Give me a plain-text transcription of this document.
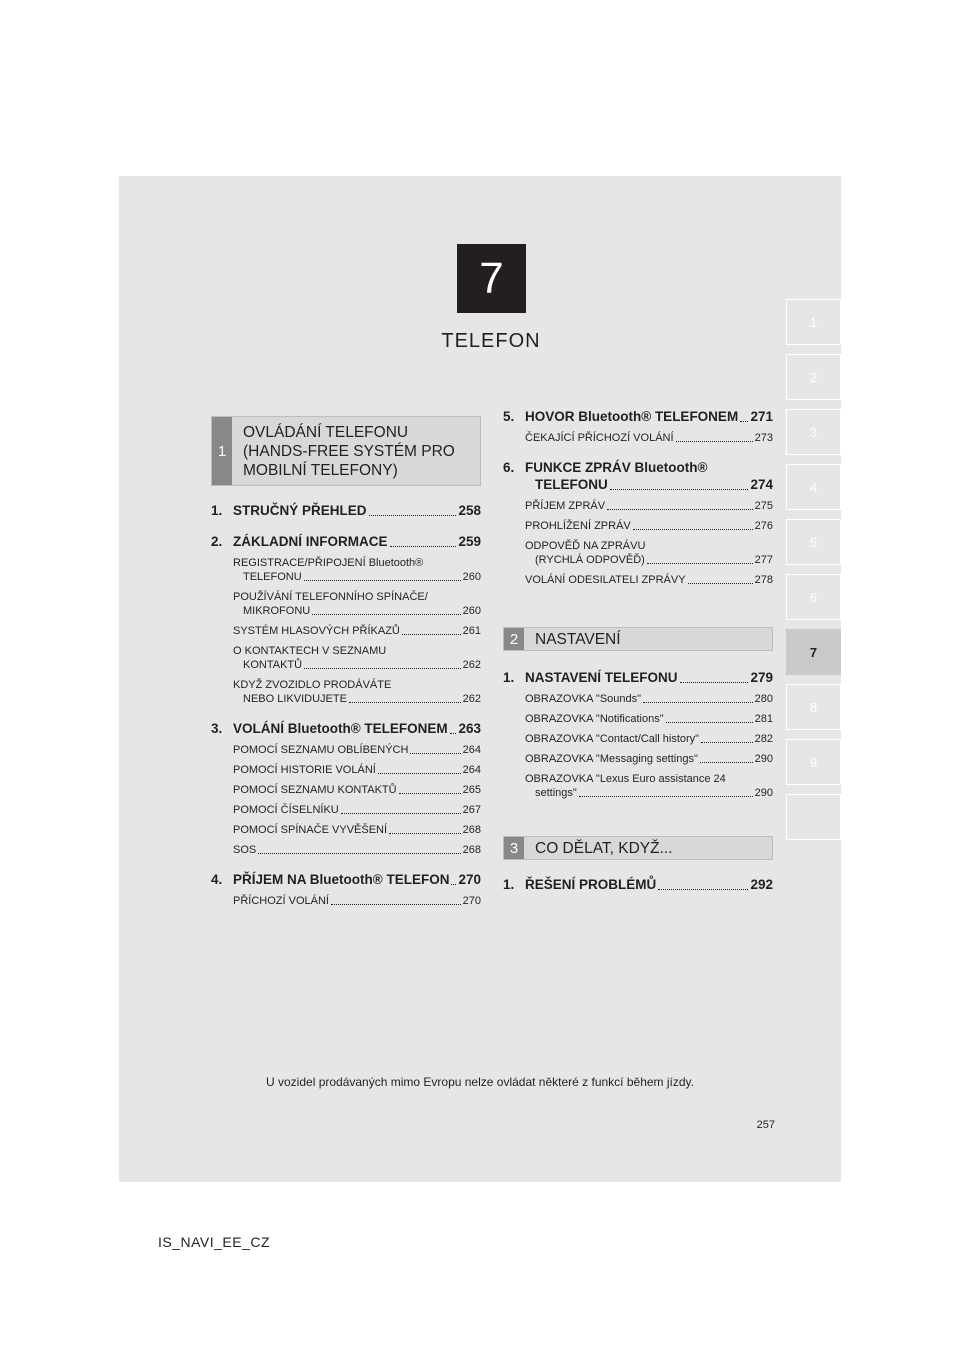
7
TELEFON
1
2
3
4
5
6
7
8
9
1
OVLÁDÁNÍ TELEFONU (HANDS-FREE SYSTÉM PRO MOBILNÍ TELEFONY)
1. STRUČNÝ PŘEHLED	258
2. ZÁKLADNÍ INFORMACE	259
REGISTRACE/PŘIPOJENÍ Bluetooth®
TELEFONU	260
POUŽÍVÁNÍ TELEFONNÍHO SPÍNAČE/
MIKROFONU	260
SYSTÉM HLASOVÝCH PŘÍKAZŮ	261
O KONTAKTECH V SEZNAMU
KONTAKTŮ	262
KDYŽ ZVOZIDLO PRODÁVÁTE
NEBO LIKVIDUJETE	262
3. VOLÁNÍ Bluetooth® TELEFONEM 263
POMOCÍ SEZNAMU OBLÍBENÝCH	264
POMOCÍ HISTORIE VOLÁNÍ	264
POMOCÍ SEZNAMU KONTAKTŮ	265
POMOCÍ ČÍSELNÍKU	267
POMOCÍ SPÍNAČE VYVĚŠENÍ	268
SOS	268
4. PŘÍJEM NA Bluetooth® TELEFON 270
PŘÍCHOZÍ VOLÁNÍ	270
5. HOVOR Bluetooth® TELEFONEM 271
ČEKAJÍCÍ PŘÍCHOZÍ VOLÁNÍ	273
6. FUNKCE ZPRÁV Bluetooth®
TELEFONU	274
PŘÍJEM ZPRÁV	275
PROHLÍŽENÍ ZPRÁV	276
ODPOVĚĎ NA ZPRÁVU
(RYCHLÁ ODPOVĚĎ)	277
VOLÁNÍ ODESILATELI ZPRÁVY	278
2	NASTAVENÍ
1. NASTAVENÍ TELEFONU	279
OBRAZOVKA "Sounds"	280
OBRAZOVKA "Notifications"	281
OBRAZOVKA "Contact/Call history"	282
OBRAZOVKA "Messaging settings"	290
OBRAZOVKA "Lexus Euro assistance 24
settings"	290
3	CO DĚLAT, KDYŽ...
1. ŘEŠENÍ PROBLÉMŮ	292
U vozidel prodávaných mimo Evropu nelze ovládat některé z funkcí během jízdy.
257
IS_NAVI_EE_CZ
